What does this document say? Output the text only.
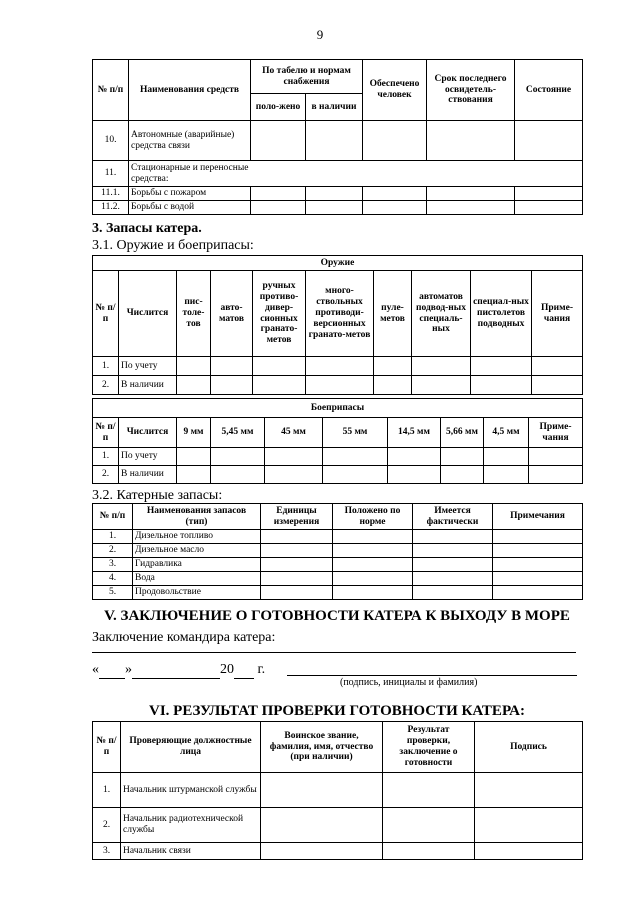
9
№ п/п	Наименования средств	По табелю и нормам снабжения		Обеспечено человек	Срок последнего освидетель-ствования	Состояние
		поло-жено	в наличии			
10.	Автономные (аварийные) средства связи					
11.	Стационарные и переносные средства:					

11.1.	Борьбы с пожаром					
11.2.	Борьбы с водой					
3. Запасы катера.
3.1. Оружие и боеприпасы:
Оружие									
№ п/п	Числится	пис-толе-тов	авто-матов	ручных противо-дивер-сионных гранато-метов	много-ствольных противоди-версионных гранато-метов	пуле-метов	автоматов подвод-ных специаль-ных	специал-ных пистолетов подводных	Приме-чания
1.	По учету								
2.	В наличии								
Боеприпасы									
№ п/п	Числится	9 мм	5,45 мм	45 мм	55 мм	14,5 мм	5,66 мм	4,5 мм	Приме-чания
1.	По учету								
2.	В наличии								
3.2. Катерные запасы:
№ п/п	Наименования запасов (тип)	Единицы измерения	Положено по норме	Имеется фактически	Примечания
1.	Дизельное топливо				
2.	Дизельное масло				
3.	Гидравлика				
4.	Вода				
5.	Продовольствие				
V. ЗАКЛЮЧЕНИЕ О ГОТОВНОСТИ КАТЕРА К ВЫХОДУ В МОРЕ
Заключение командира катера:
« »	20 г.
(подпись, инициалы и фамилия)
VI. РЕЗУЛЬТАТ ПРОВЕРКИ ГОТОВНОСТИ КАТЕРА:
№ п/п	Проверяющие должностные лица	Воинское звание, фамилия, имя, отчество (при наличии)	Результат проверки, заключение о готовности	Подпись
1.	Начальник штурманской службы			
2.	Начальник радиотехнической службы			
3.	Начальник связи			
